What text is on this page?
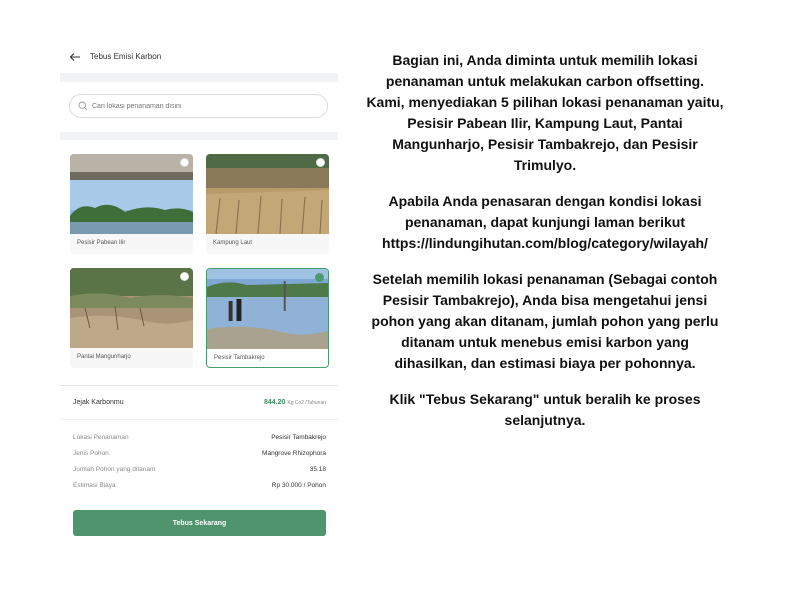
Tebus Emisi Karbon
Cari lokasi penanaman disini
Pesisir Pabean Ilir	Kampung Laut
Pantai Mangunharjo	Pesisir Tambakrejo
Jejak Karbonmu	844.20 Kg Co2 /Tahunan
Lokasi Penanaman	Pesisir Tambakrejo
Jenis Pohon	Mangrove Rhizophora
Jumlah Pohon yang ditanam	35.18
Estimasi Biaya	Rp 30.000 / Pohon
Tebus Sekarang

Bagian ini, Anda diminta untuk memilih lokasi penanaman untuk melakukan carbon offsetting. Kami, menyediakan 5 pilihan lokasi penanaman yaitu, Pesisir Pabean Ilir, Kampung Laut, Pantai Mangunharjo, Pesisir Tambakrejo, dan Pesisir Trimulyo.

Apabila Anda penasaran dengan kondisi lokasi penanaman, dapat kunjungi laman berikut https://lindungihutan.com/blog/category/wilayah/

Setelah memilih lokasi penanaman (Sebagai contoh Pesisir Tambakrejo), Anda bisa mengetahui jensi pohon yang akan ditanam, jumlah pohon yang perlu ditanam untuk menebus emisi karbon yang dihasilkan, dan estimasi biaya per pohonnya.

Klik "Tebus Sekarang" untuk beralih ke proses selanjutnya.
